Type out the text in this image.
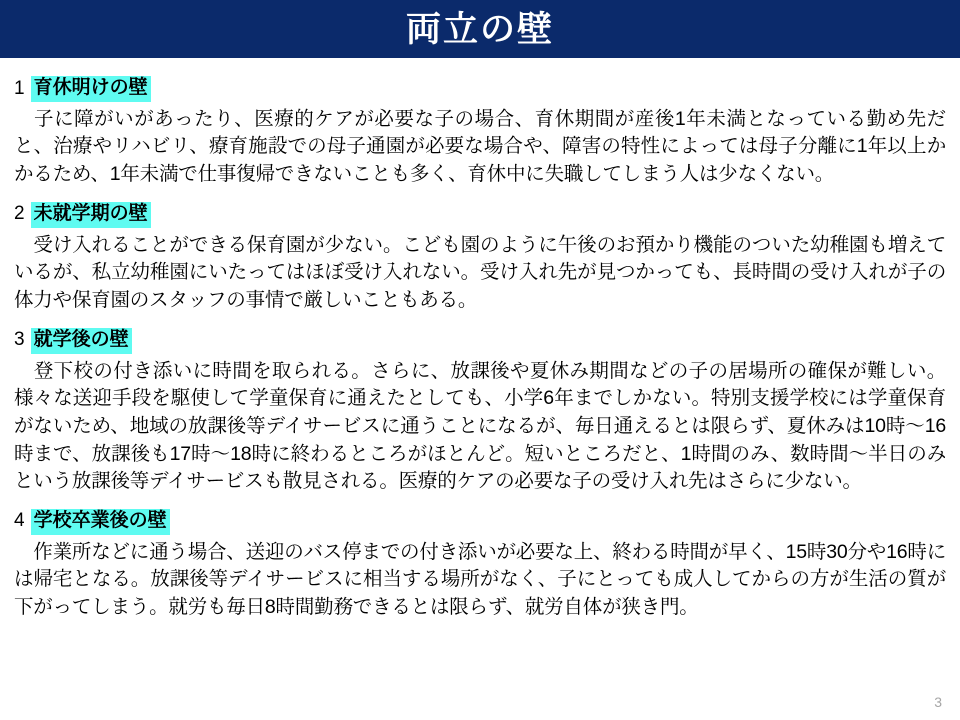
両立の壁
1 育休明けの壁

　子に障がいがあったり、医療的ケアが必要な子の場合、育休期間が産後1年未満となっている勤め先だと、治療やリハビリ、療育施設での母子通園が必要な場合や、障害の特性によっては母子分離に1年以上かかるため、1年未満で仕事復帰できないことも多く、育休中に失職してしまう人は少なくない。

2 未就学期の壁

　受け入れることができる保育園が少ない。こども園のように午後のお預かり機能のついた幼稚園も増えているが、私立幼稚園にいたってはほぼ受け入れない。受け入れ先が見つかっても、長時間の受け入れが子の体力や保育園のスタッフの事情で厳しいこともある。

3 就学後の壁

　登下校の付き添いに時間を取られる。さらに、放課後や夏休み期間などの子の居場所の確保が難しい。様々な送迎手段を駆使して学童保育に通えたとしても、小学6年までしかない。特別支援学校には学童保育がないため、地域の放課後等デイサービスに通うことになるが、毎日通えるとは限らず、夏休みは10時～16時まで、放課後も17時～18時に終わるところがほとんど。短いところだと、1時間のみ、数時間～半日のみという放課後等デイサービスも散見される。医療的ケアの必要な子の受け入れ先はさらに少ない。

4 学校卒業後の壁

　作業所などに通う場合、送迎のバス停までの付き添いが必要な上、終わる時間が早く、15時30分や16時には帰宅となる。放課後等デイサービスに相当する場所がなく、子にとっても成人してからの方が生活の質が下がってしまう。就労も毎日8時間勤務できるとは限らず、就労自体が狭き門。

3
